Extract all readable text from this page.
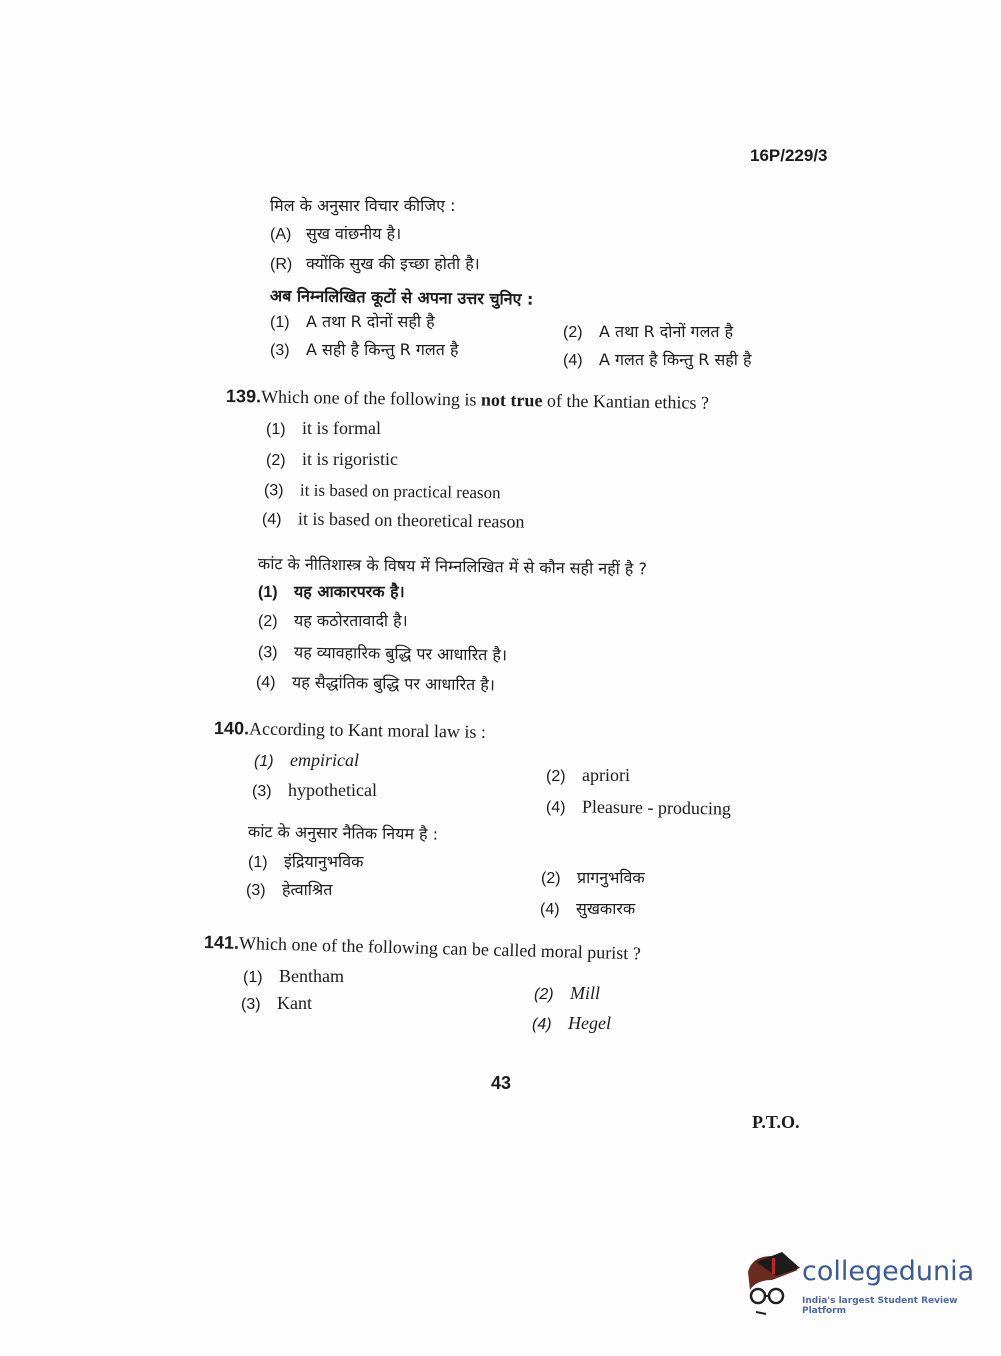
16P/229/3
मिल के अनुसार विचार कीजिए :
(A) सुख वांछनीय है।
(R) क्योंकि सुख की इच्छा होती है।
अब निम्नलिखित कूटों से अपना उत्तर चुनिए :
(1) A तथा R दोनों सही है
(2) A तथा R दोनों गलत है
(3) A सही है किन्तु R गलत है
(4) A गलत है किन्तु R सही है
139.Which one of the following is not true of the Kantian ethics ?
(1) it is formal
(2) it is rigoristic
(3) it is based on practical reason
(4) it is based on theoretical reason
कांट के नीतिशास्त्र के विषय में निम्नलिखित में से कौन सही नहीं है ?
(1) यह आकारपरक है।
(2) यह कठोरतावादी है।
(3) यह व्यावहारिक बुद्धि पर आधारित है।
(4) यह सैद्धांतिक बुद्धि पर आधारित है।
140.According to Kant moral law is :
(1) empirical
(2) apriori
(3) hypothetical
(4) Pleasure - producing
कांट के अनुसार नैतिक नियम है :
(1) इंद्रियानुभविक
(2) प्रागनुभविक
(3) हेत्वाश्रित
(4) सुखकारक
141.Which one of the following can be called moral purist ?
(1) Bentham
(2) Mill
(3) Kant
(4) Hegel
43
P.T.O.
collegedunia
India's largest Student Review Platform
